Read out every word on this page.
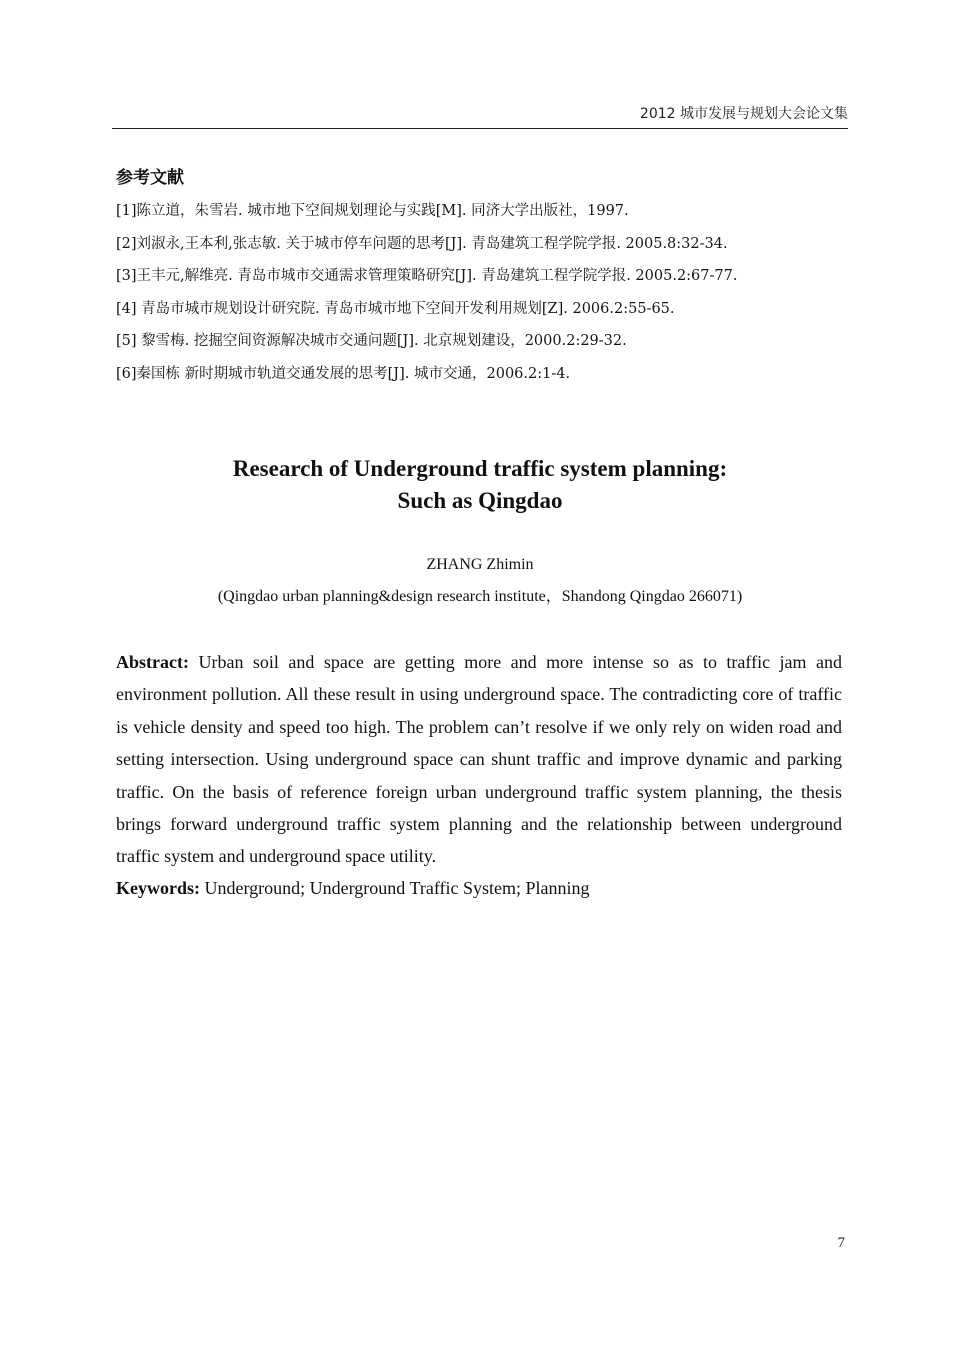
2012 城市发展与规划大会论文集
参考文献
[1]陈立道，朱雪岩. 城市地下空间规划理论与实践[M]. 同济大学出版社，1997.
[2]刘淑永,王本利,张志敏. 关于城市停车问题的思考[J]. 青岛建筑工程学院学报. 2005.8:32-34.
[3]王丰元,解维亮. 青岛市城市交通需求管理策略研究[J]. 青岛建筑工程学院学报. 2005.2:67-77.
[4] 青岛市城市规划设计研究院. 青岛市城市地下空间开发利用规划[Z]. 2006.2:55-65.
[5] 黎雪梅. 挖掘空间资源解决城市交通问题[J]. 北京规划建设，2000.2:29-32.
[6]秦国栋 新时期城市轨道交通发展的思考[J]. 城市交通，2006.2:1-4.
Research of Underground traffic system planning:
Such as Qingdao
ZHANG Zhimin
(Qingdao urban planning&design research institute，Shandong Qingdao 266071)

Abstract: Urban soil and space are getting more and more intense so as to traffic jam and environment pollution. All these result in using underground space. The contradicting core of traffic is vehicle density and speed too high. The problem can’t resolve if we only rely on widen road and setting intersection. Using underground space can shunt traffic and improve dynamic and parking traffic. On the basis of reference foreign urban underground traffic system planning, the thesis brings forward underground traffic system planning and the relationship between underground traffic system and underground space utility.

Keywords: Underground; Underground Traffic System; Planning

7
